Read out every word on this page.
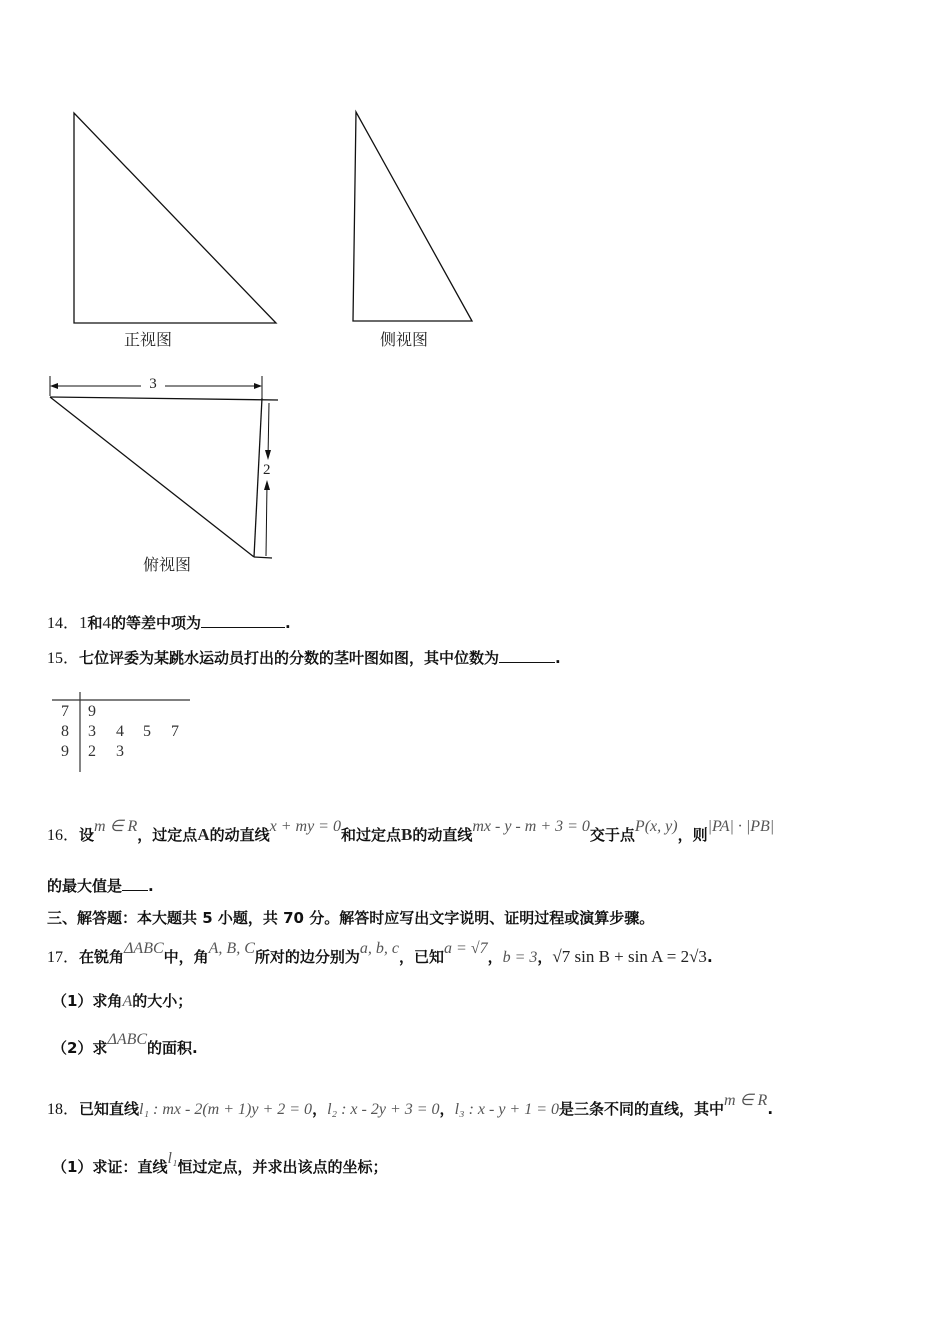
3
2
正视图	侧视图
俯视图
14．1和4的等差中项为	.
15．七位评委为某跳水运动员打出的分数的茎叶图如图，其中位数为	.
7 9
8 3 4 5 7
9 2 3
16．设m ∈ R，过定点A的动直线x + my = 0和过定点B的动直线mx - y - m + 3 = 0交于点P(x, y)，则|PA| · |PB|
的最大值是 .
三、解答题：本大题共 5 小题，共 70 分。解答时应写出文字说明、证明过程或演算步骤。
17．在锐角ΔABC中，角A, B, C所对的边分别为a, b, c，已知a = √7，b = 3，√7 sin B + sin A = 2√3.
（1）求角A的大小；
（2）求ΔABC的面积.
18．已知直线l₁ : mx - 2(m + 1)y + 2 = 0，l₂ : x - 2y + 3 = 0，l₃ : x - y + 1 = 0是三条不同的直线，其中m ∈ R.
（1）求证：直线l₁恒过定点，并求出该点的坐标；
